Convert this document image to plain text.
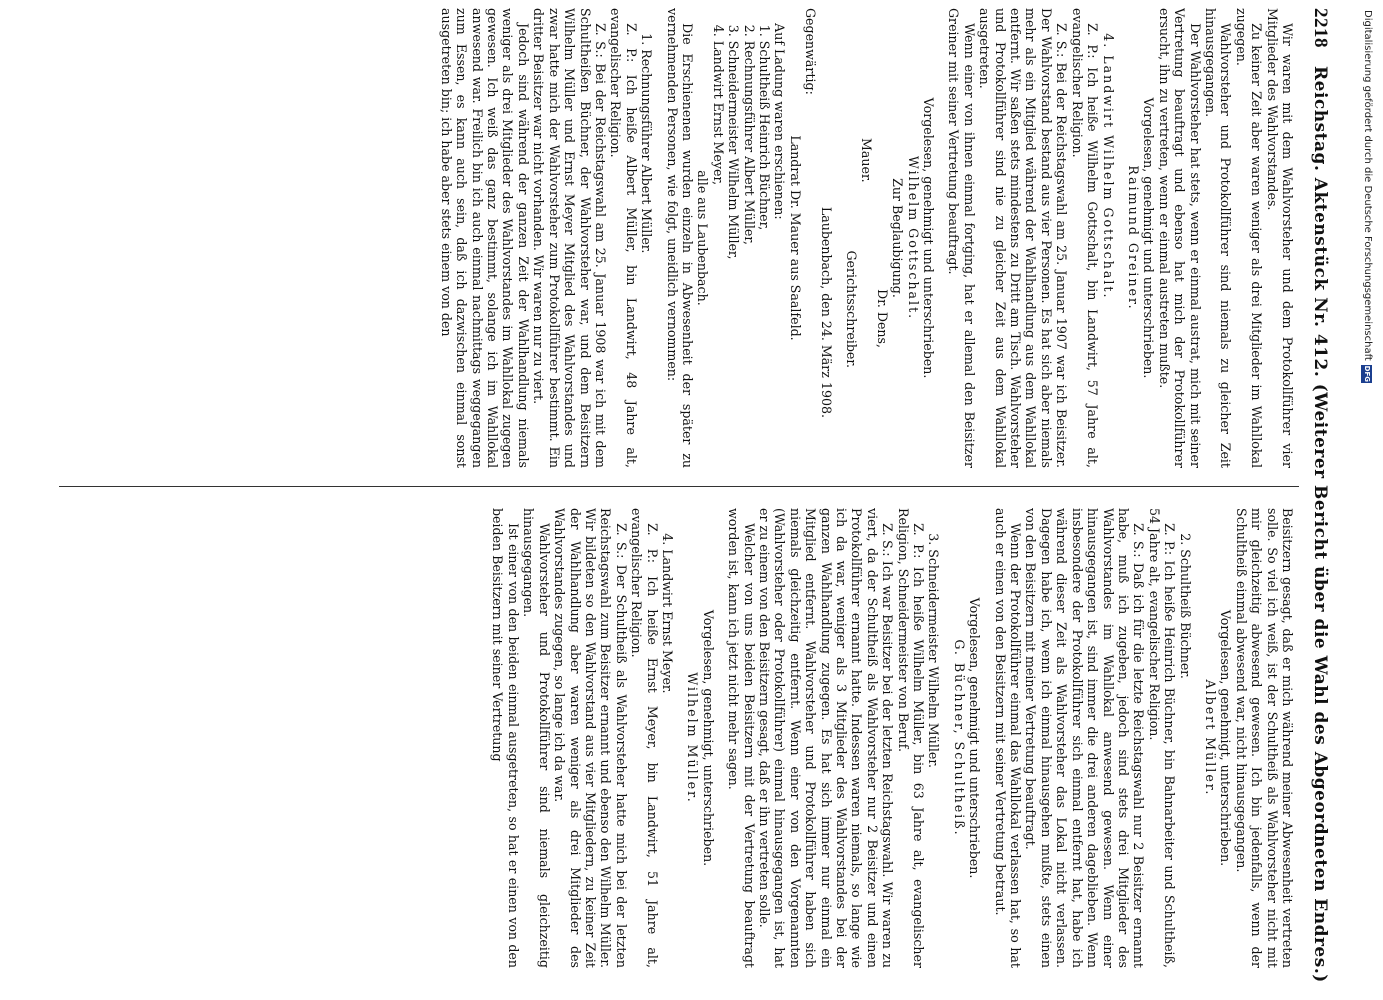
2218
Reichstag. Aktenstück Nr. 412. (Weiterer Bericht über die Wahl des Abgeordneten Endres.)

Wir waren mit dem Wahlvorsteher und dem Protokollführer vier Mitglieder des Wahlvorstandes.

Zu keiner Zeit aber waren weniger als drei Mitglieder im Wahllokal zugegen.

Wahlvorsteher und Protokollführer sind niemals zu gleicher Zeit hinausgegangen.

Der Wahlvorsteher hat stets, wenn er einmal austrat, mich mit seiner Vertretung beauftragt und ebenso hat mich der Protokollführer ersucht, ihn zu vertreten, wenn er einmal austreten mußte.

Vorgelesen, genehmigt und unterschrieben.

Raimund Greiner.

4. Landwirt Wilhelm Gottschalt.

Z. P.: Ich heiße Wilhelm Gottschalt, bin Landwirt, 57 Jahre alt, evangelischer Religion.

Z. S.: Bei der Reichstagswahl am 25. Januar 1907 war ich Beisitzer. Der Wahlvorstand bestand aus vier Personen. Es hat sich aber niemals mehr als ein Mitglied während der Wahlhandlung aus dem Wahllokal entfernt. Wir saßen stets mindestens zu Dritt am Tisch. Wahlvorsteher und Protokollführer sind nie zu gleicher Zeit aus dem Wahllokal ausgetreten.

Wenn einer von ihnen einmal fortging, hat er allemal den Beisitzer Greiner mit seiner Vertretung beauftragt.

Vorgelesen, genehmigt und unterschrieben.

Wilhelm Gottschalt.

Zur Beglaubigung.

Dr. Dens,

Mauer.

Gerichtsschreiber.

Laubenbach, den 24. März 1908.

Gegenwärtig:

Landrat Dr. Mauer aus Saalfeld.

Auf Ladung waren erschienen:

1. Schultheiß Heinrich Büchner,
2. Rechnungsführer Albert Müller,
3. Schneidermeister Wilhelm Müller,
4. Landwirt Ernst Meyer,

alle aus Laubenbach.

Die Erschienenen wurden einzeln in Abwesenheit der später zu vernehmenden Personen, wie folgt, uneidlich vernommen:

1. Rechnungsführer Albert Müller.

Z. P.: Ich heiße Albert Müller, bin Landwirt, 48 Jahre alt, evangelischer Religion.

Z. S.: Bei der Reichstagswahl am 25. Januar 1908 war ich mit dem Schultheißen Büchner, der Wahlvorsteher war, und dem Beisitzern Wilhelm Müller und Ernst Meyer Mitglied des Wahlvorstandes und zwar hatte mich der Wahlvorsteher zum Protokollführer bestimmt. Ein dritter Beisitzer war nicht vorhanden. Wir waren nur zu viert.

Jedoch sind während der ganzen Zeit der Wahlhandlung niemals weniger als drei Mitglieder des Wahlvorstandes im Wahllokal zugegen gewesen. Ich weiß das ganz bestimmt, solange ich im Wahllokal anwesend war. Freilich bin ich auch einmal nachmittags weggegangen zum Essen, es kann auch sein, daß ich dazwischen einmal sonst ausgetreten bin; ich habe aber stets einem von den

Beisitzern gesagt, daß er mich während meiner Abwesenheit vertreten solle. So viel ich weiß, ist der Schultheiß als Wahlvorsteher nicht mit mir gleichzeitig abwesend gewesen. Ich bin jedenfalls, wenn der Schultheiß einmal abwesend war, nicht hinausgegangen.

Vorgelesen, genehmigt, unterschrieben.

Albert Müller.

2. Schultheiß Büchner.

Z. P.: Ich heiße Heinrich Büchner, bin Bahnarbeiter und Schultheiß, 54 Jahre alt, evangelischer Religion.

Z. S.: Daß ich für die letzte Reichstagswahl nur 2 Beisitzer ernannt habe, muß ich zugeben, jedoch sind stets drei Mitglieder des Wahlvorstandes im Wahllokal anwesend gewesen. Wenn einer hinausgegangen ist, sind immer die drei anderen dageblieben. Wenn insbesondere der Protokollführer sich einmal entfernt hat, habe ich während dieser Zeit als Wahlvorsteher das Lokal nicht verlassen. Dagegen habe ich, wenn ich einmal hinausgehen mußte, stets einen von den Beisitzern mit meiner Vertretung beauftragt.

Wenn der Protokollführer einmal das Wahllokal verlassen hat, so hat auch er einen von den Beisitzern mit seiner Vertretung betraut.

Vorgelesen, genehmigt und unterschrieben.

G. Büchner, Schultheiß.

3. Schneidermeister Wilhelm Müller.

Z. P.: Ich heiße Wilhelm Müller, bin 63 Jahre alt, evangelischer Religion, Schneidermeister von Beruf.

Z. S.: Ich war Beisitzer bei der letzten Reichstagswahl. Wir waren zu viert, da der Schultheiß als Wahlvorsteher nur 2 Beisitzer und einen Protokollführer ernannt hatte. Indessen waren niemals, so lange wie ich da war, weniger als 3 Mitglieder des Wahlvorstandes bei der ganzen Wahlhandlung zugegen. Es hat sich immer nur einmal ein Mitglied entfernt. Wahlvorsteher und Protokollführer haben sich niemals gleichzeitig entfernt. Wenn einer von den Vorgenannten (Wahlvorsteher oder Protokollführer) einmal hinausgegangen ist, hat er zu einem von den Beisitzern gesagt, daß er ihn vertreten solle.

Welcher von uns beiden Beisitzern mit der Vertretung beauftragt worden ist, kann ich jetzt nicht mehr sagen.

Vorgelesen, genehmigt, unterschrieben.

Wilhelm Müller.

4. Landwirt Ernst Meyer.

Z. P.: Ich heiße Ernst Meyer, bin Landwirt, 51 Jahre alt, evangelischer Religion.

Z. S.: Der Schultheiß als Wahlvorsteher hatte mich bei der letzten Reichstagswahl zum Beisitzer ernannt und ebenso den Wilhelm Müller. Wir bildeten so den Wahlvorstand aus vier Mitgliedern, zu keiner Zeit der Wahlhandlung aber waren weniger als drei Mitglieder des Wahlvorstandes zugegen, so lange ich da war.

Wahlvorsteher und Protokollführer sind niemals gleichzeitig hinausgegangen.

Ist einer von den beiden einmal ausgetreten, so hat er einen von den beiden Beisitzern mit seiner Vertretung

Digitalisierung gefördert durch die Deutsche Forschungsgemeinschaft
DFG
